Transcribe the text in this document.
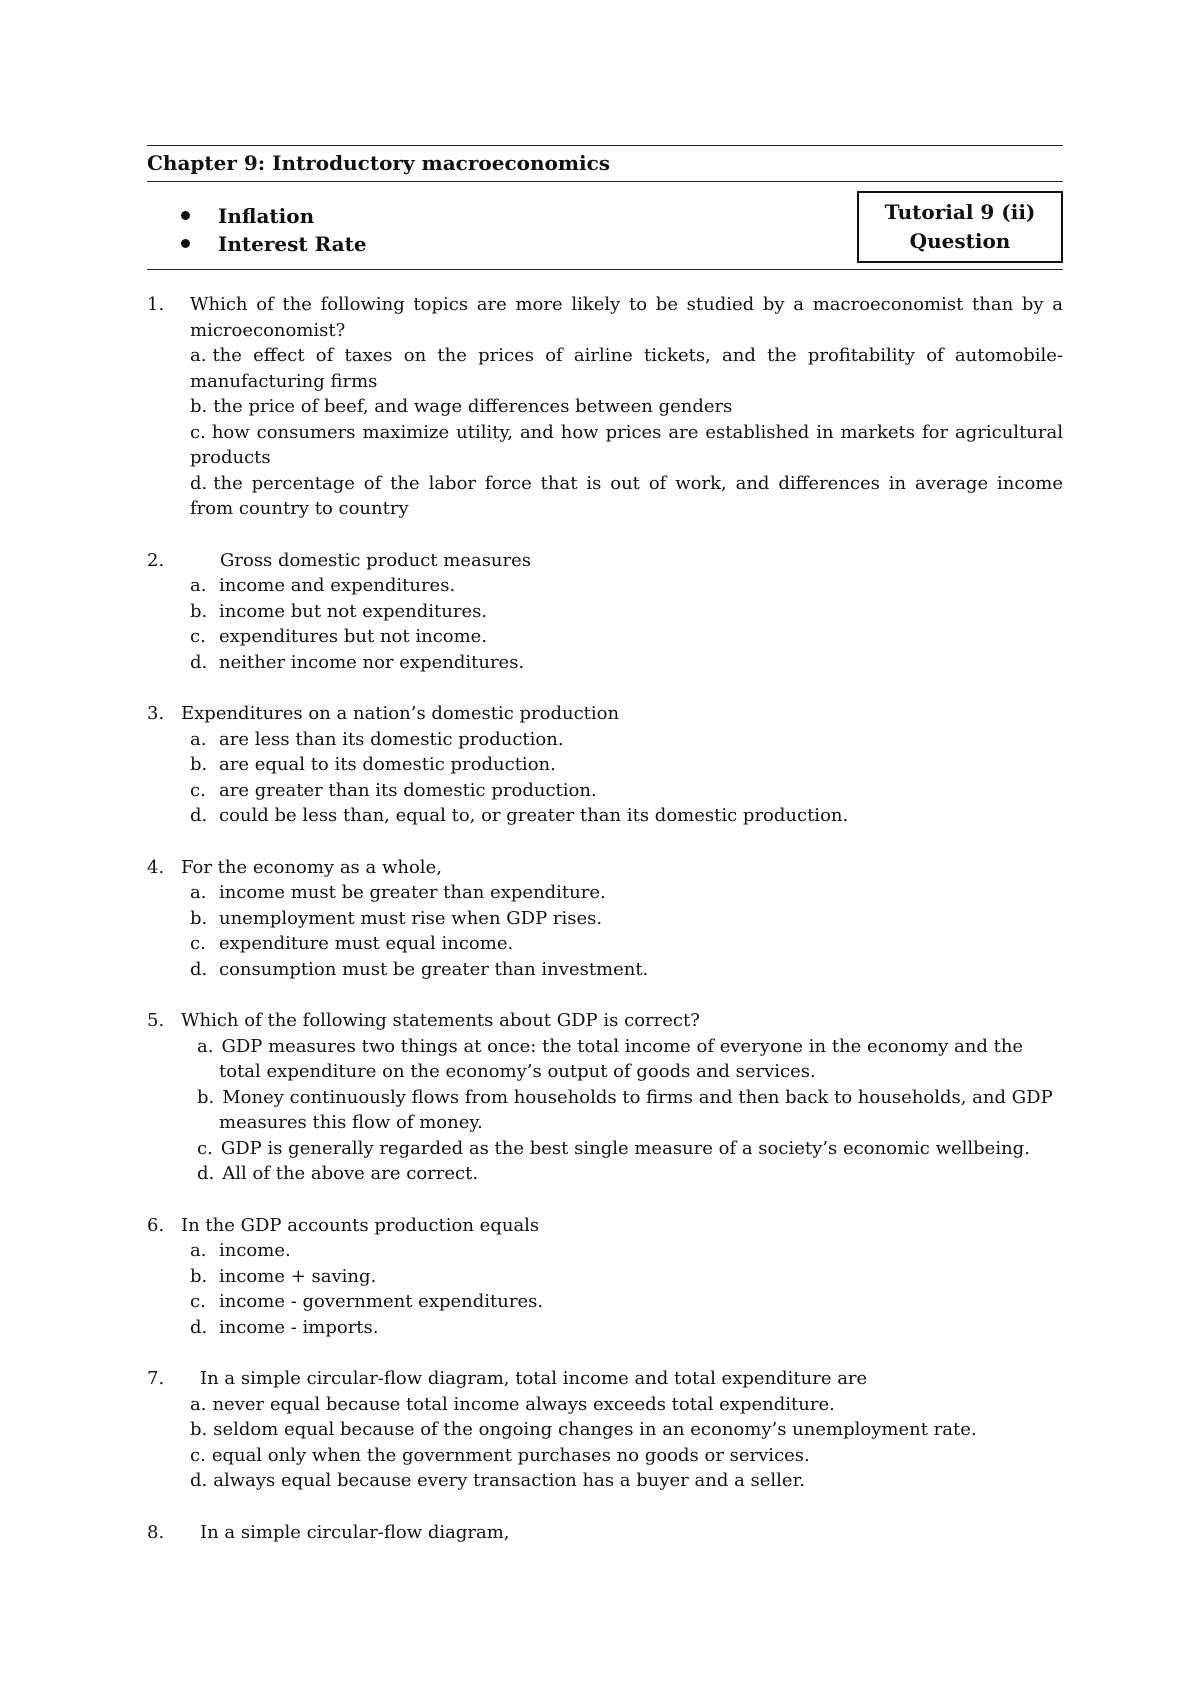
Chapter 9: Introductory macroeconomics
Inflation
Interest Rate
Tutorial 9 (ii)
Question
1. Which of the following topics are more likely to be studied by a macroeconomist than by a microeconomist?
a. the effect of taxes on the prices of airline tickets, and the profitability of automobile-manufacturing firms
b. the price of beef, and wage differences between genders
c. how consumers maximize utility, and how prices are established in markets for agricultural products
d. the percentage of the labor force that is out of work, and differences in average income from country to country
2.	Gross domestic product measures
a. income and expenditures.
b. income but not expenditures.
c. expenditures but not income.
d. neither income nor expenditures.
3. Expenditures on a nation’s domestic production
a. are less than its domestic production.
b. are equal to its domestic production.
c. are greater than its domestic production.
d. could be less than, equal to, or greater than its domestic production.
4. For the economy as a whole,
a. income must be greater than expenditure.
b. unemployment must rise when GDP rises.
c. expenditure must equal income.
d. consumption must be greater than investment.
5. Which of the following statements about GDP is correct?
a. GDP measures two things at once: the total income of everyone in the economy and the total expenditure on the economy’s output of goods and services.
b. Money continuously flows from households to firms and then back to households, and GDP measures this flow of money.
c. GDP is generally regarded as the best single measure of a society’s economic wellbeing.
d. All of the above are correct.
6. In the GDP accounts production equals
a. income.
b. income + saving.
c. income - government expenditures.
d. income - imports.
7. In a simple circular-flow diagram, total income and total expenditure are
a. never equal because total income always exceeds total expenditure.
b. seldom equal because of the ongoing changes in an economy’s unemployment rate.
c. equal only when the government purchases no goods or services.
d. always equal because every transaction has a buyer and a seller.
8. In a simple circular-flow diagram,
